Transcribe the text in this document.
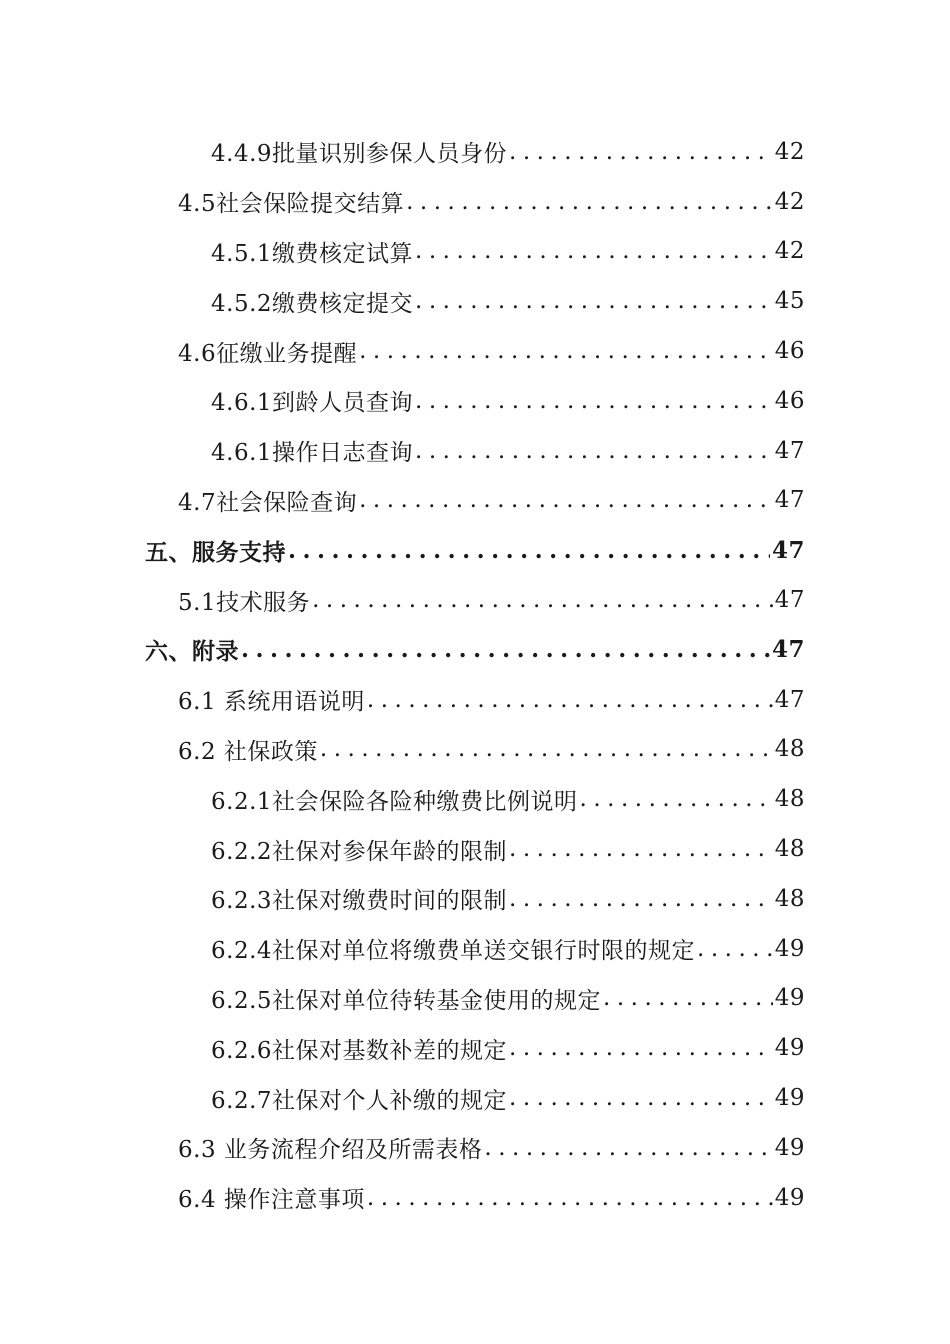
4.4.9批量识别参保人员身份 .....	42
4.5社会保险提交结算 .....	42
4.5.1缴费核定试算 .....	42
4.5.2缴费核定提交 .....	45
4.6征缴业务提醒 .....	46
4.6.1到龄人员查询 .....	46
4.6.1操作日志查询 .....	47
4.7社会保险查询 .....	47
五、服务支持 .....	47
5.1技术服务 .....	47
六、附录 .....	47
6.1 系统用语说明 .....	47
6.2 社保政策 .....	48
6.2.1社会保险各险种缴费比例说明 .....	48
6.2.2社保对参保年龄的限制 .....	48
6.2.3社保对缴费时间的限制 .....	48
6.2.4社保对单位将缴费单送交银行时限的规定 .....	49
6.2.5社保对单位待转基金使用的规定 .....	49
6.2.6社保对基数补差的规定 .....	49
6.2.7社保对个人补缴的规定 .....	49
6.3 业务流程介绍及所需表格 .....	49
6.4 操作注意事项 .....	49
